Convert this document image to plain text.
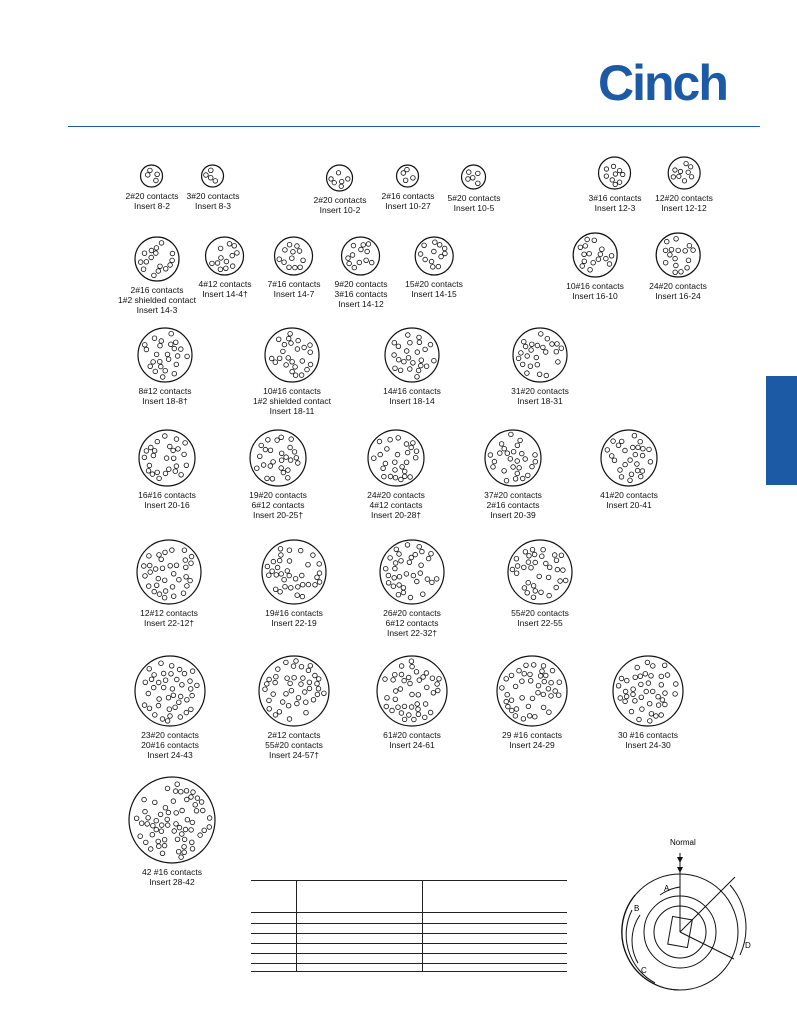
Cinch
2#20 contacts
Insert 8-2
3#20 contacts
Insert 8-3
2#20 contacts
Insert 10-2
2#16 contacts
Insert 10-27
5#20 contacts
Insert 10-5
3#16 contacts
Insert 12-3
12#20 contacts
Insert 12-12
2#16 contacts
1#2 shielded contact
Insert 14-3
4#12 contacts
Insert 14-4†
7#16 contacts
Insert 14-7
9#20 contacts
3#16 contacts
Insert 14-12
15#20 contacts
Insert 14-15
10#16 contacts
Insert 16-10
24#20 contacts
Insert 16-24
8#12 contacts
Insert 18-8†
10#16 contacts
1#2 shielded contact
Insert 18-11
14#16 contacts
Insert 18-14
31#20 contacts
Insert 18-31
16#16 contacts
Insert 20-16
19#20 contacts
6#12 contacts
Insert 20-25†
24#20 contacts
4#12 contacts
Insert 20-28†
37#20 contacts
2#16 contacts
Insert 20-39
41#20 contacts
Insert 20-41
12#12 contacts
Insert 22-12†
19#16 contacts
Insert 22-19
26#20 contacts
6#12 contacts
Insert 22-32†
55#20 contacts
Insert 22-55
23#20 contacts
20#16 contacts
Insert 24-43
2#12 contacts
55#20 contacts
Insert 24-57†
61#20 contacts
Insert 24-61
29 #16 contacts
Insert 24-29
30 #16 contacts
Insert 24-30
42 #16 contacts
Insert 28-42
Normal
A
B
C
D
